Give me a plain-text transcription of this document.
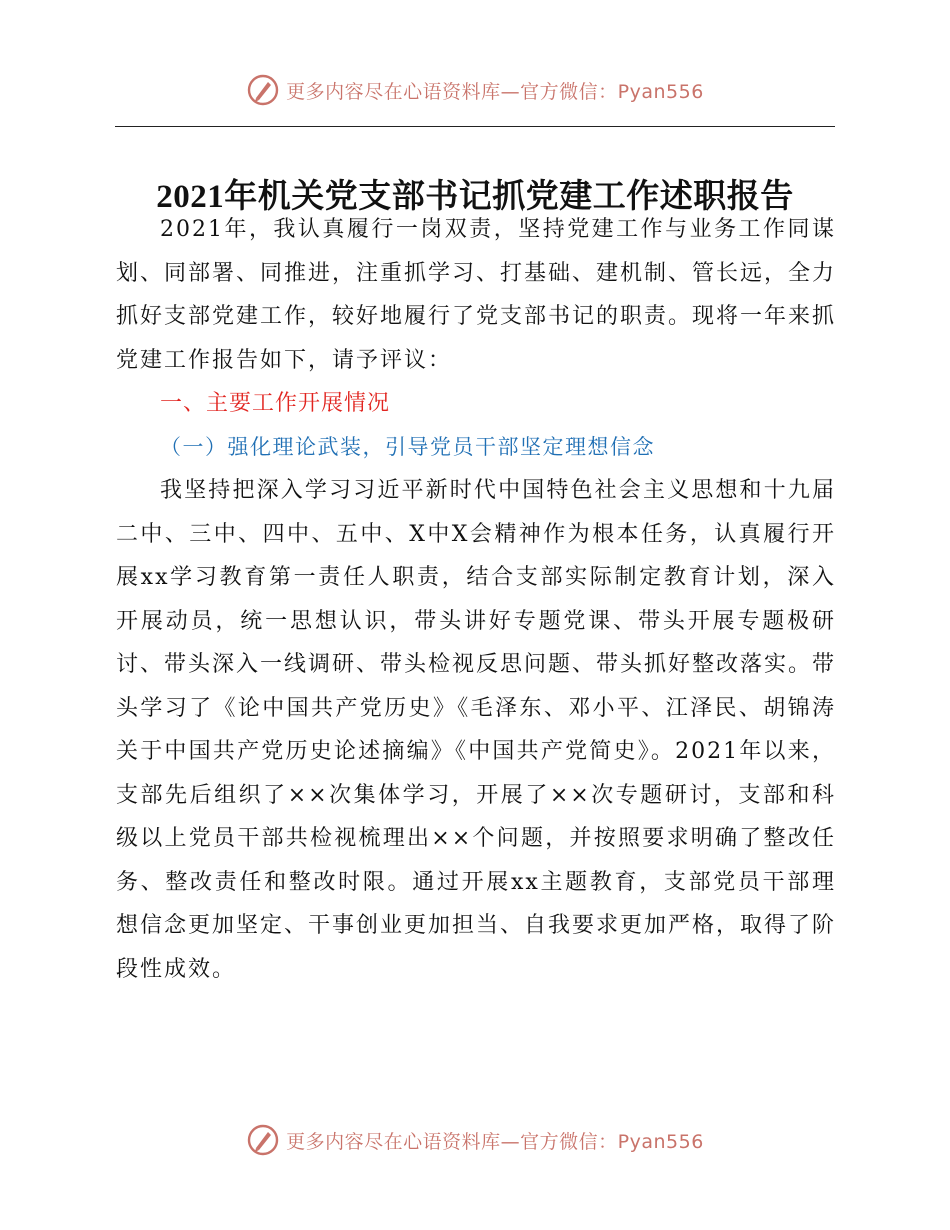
更多内容尽在心语资料库—官方微信：Pyan556
2021年机关党支部书记抓党建工作述职报告

2021年，我认真履行一岗双责，坚持党建工作与业务工作同谋划、同部署、同推进，注重抓学习、打基础、建机制、管长远，全力抓好支部党建工作，较好地履行了党支部书记的职责。现将一年来抓党建工作报告如下，请予评议：

一、主要工作开展情况

（一）强化理论武装，引导党员干部坚定理想信念

我坚持把深入学习习近平新时代中国特色社会主义思想和十九届二中、三中、四中、五中、X中X会精神作为根本任务，认真履行开展xx学习教育第一责任人职责，结合支部实际制定教育计划，深入开展动员，统一思想认识，带头讲好专题党课、带头开展专题极研讨、带头深入一线调研、带头检视反思问题、带头抓好整改落实。带头学习了《论中国共产党历史》《毛泽东、邓小平、江泽民、胡锦涛关于中国共产党历史论述摘编》《中国共产党简史》。2021年以来，支部先后组织了××次集体学习，开展了××次专题研讨，支部和科级以上党员干部共检视梳理出××个问题，并按照要求明确了整改任务、整改责任和整改时限。通过开展xx主题教育，支部党员干部理想信念更加坚定、干事创业更加担当、自我要求更加严格，取得了阶段性成效。

更多内容尽在心语资料库—官方微信：Pyan556
